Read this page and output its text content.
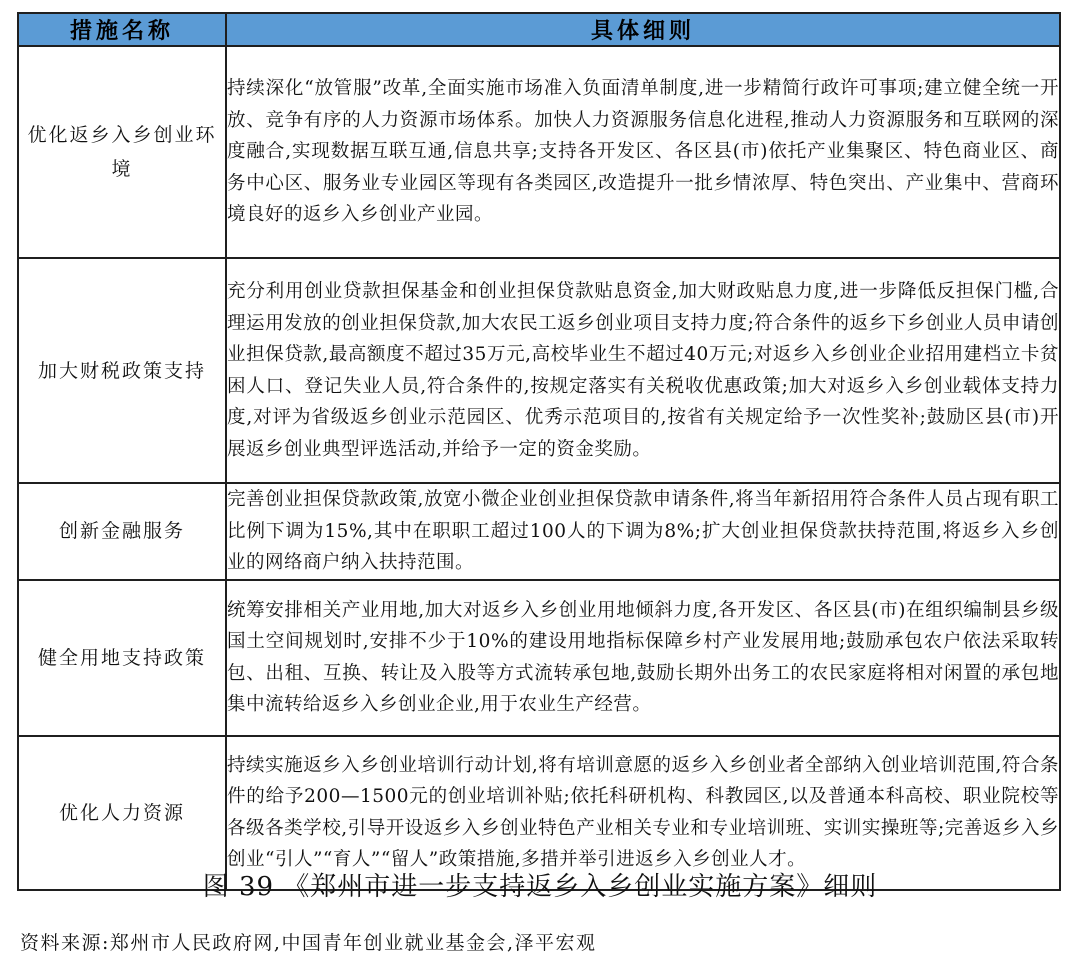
措施名称	具体细则
优化返乡入乡创业环境	持续深化“放管服”改革,全面实施市场准入负面清单制度,进一步精简行政许可事项;建立健全统一开放、竞争有序的人力资源市场体系。加快人力资源服务信息化进程,推动人力资源服务和互联网的深度融合,实现数据互联互通,信息共享;支持各开发区、各区县(市)依托产业集聚区、特色商业区、商务中心区、服务业专业园区等现有各类园区,改造提升一批乡情浓厚、特色突出、产业集中、营商环境良好的返乡入乡创业产业园。
加大财税政策支持	充分利用创业贷款担保基金和创业担保贷款贴息资金,加大财政贴息力度,进一步降低反担保门槛,合理运用发放的创业担保贷款,加大农民工返乡创业项目支持力度;符合条件的返乡下乡创业人员申请创业担保贷款,最高额度不超过35万元,高校毕业生不超过40万元;对返乡入乡创业企业招用建档立卡贫困人口、登记失业人员,符合条件的,按规定落实有关税收优惠政策;加大对返乡入乡创业载体支持力度,对评为省级返乡创业示范园区、优秀示范项目的,按省有关规定给予一次性奖补;鼓励区县(市)开展返乡创业典型评选活动,并给予一定的资金奖励。
创新金融服务	完善创业担保贷款政策,放宽小微企业创业担保贷款申请条件,将当年新招用符合条件人员占现有职工比例下调为15%,其中在职职工超过100人的下调为8%;扩大创业担保贷款扶持范围,将返乡入乡创业的网络商户纳入扶持范围。
健全用地支持政策	统筹安排相关产业用地,加大对返乡入乡创业用地倾斜力度,各开发区、各区县(市)在组织编制县乡级国土空间规划时,安排不少于10%的建设用地指标保障乡村产业发展用地;鼓励承包农户依法采取转包、出租、互换、转让及入股等方式流转承包地,鼓励长期外出务工的农民家庭将相对闲置的承包地集中流转给返乡入乡创业企业,用于农业生产经营。
优化人力资源	持续实施返乡入乡创业培训行动计划,将有培训意愿的返乡入乡创业者全部纳入创业培训范围,符合条件的给予200—1500元的创业培训补贴;依托科研机构、科教园区,以及普通本科高校、职业院校等各级各类学校,引导开设返乡入乡创业特色产业相关专业和专业培训班、实训实操班等;完善返乡入乡创业“引人”“育人”“留人”政策措施,多措并举引进返乡入乡创业人才。
图 39 《郑州市进一步支持返乡入乡创业实施方案》细则
资料来源:郑州市人民政府网,中国青年创业就业基金会,泽平宏观
